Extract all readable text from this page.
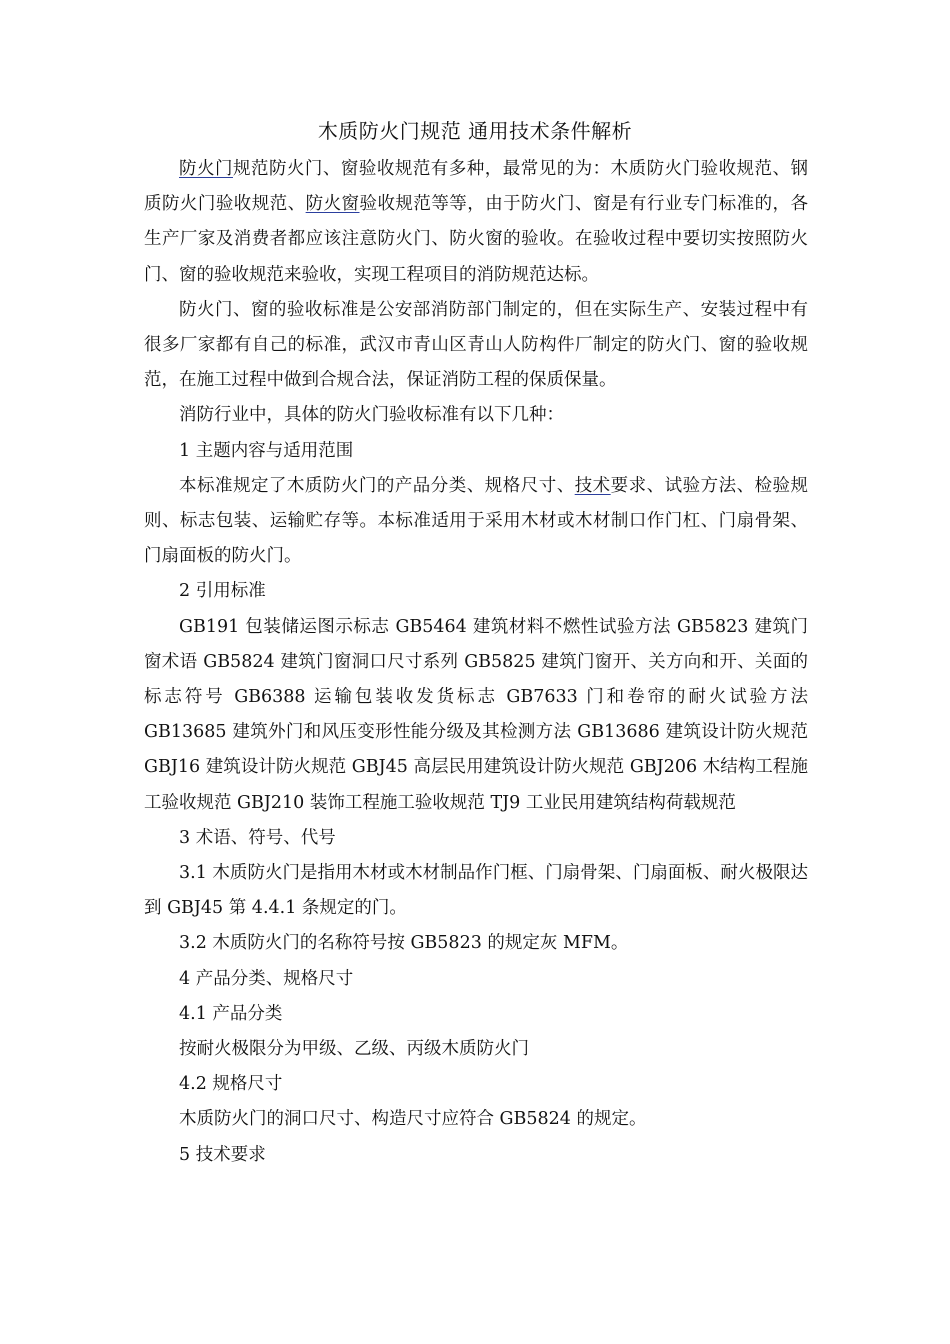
木质防火门规范 通用技术条件解析

防火门规范防火门、窗验收规范有多种，最常见的为：木质防火门验收规范、钢质防火门验收规范、防火窗验收规范等等，由于防火门、窗是有行业专门标准的，各生产厂家及消费者都应该注意防火门、防火窗的验收。在验收过程中要切实按照防火门、窗的验收规范来验收，实现工程项目的消防规范达标。

防火门、窗的验收标准是公安部消防部门制定的，但在实际生产、安装过程中有很多厂家都有自己的标准，武汉市青山区青山人防构件厂制定的防火门、窗的验收规范，在施工过程中做到合规合法，保证消防工程的保质保量。

消防行业中，具体的防火门验收标准有以下几种：

1 主题内容与适用范围

本标准规定了木质防火门的产品分类、规格尺寸、技术要求、试验方法、检验规则、标志包装、运输贮存等。本标准适用于采用木材或木材制口作门杠、门扇骨架、门扇面板的防火门。

2 引用标准

GB191 包装储运图示标志 GB5464 建筑材料不燃性试验方法 GB5823 建筑门窗术语 GB5824 建筑门窗洞口尺寸系列 GB5825 建筑门窗开、关方向和开、关面的标志符号 GB6388 运输包装收发货标志 GB7633 门和卷帘的耐火试验方法 GB13685 建筑外门和风压变形性能分级及其检测方法 GB13686 建筑设计防火规范 GBJ16 建筑设计防火规范 GBJ45 高层民用建筑设计防火规范 GBJ206 木结构工程施工验收规范 GBJ210 装饰工程施工验收规范 TJ9 工业民用建筑结构荷载规范

3 术语、符号、代号

3.1 木质防火门是指用木材或木材制品作门框、门扇骨架、门扇面板、耐火极限达到 GBJ45 第 4.4.1 条规定的门。

3.2 木质防火门的名称符号按 GB5823 的规定灰 MFM。

4 产品分类、规格尺寸

4.1 产品分类

按耐火极限分为甲级、乙级、丙级木质防火门

4.2 规格尺寸

木质防火门的洞口尺寸、构造尺寸应符合 GB5824 的规定。

5 技术要求
